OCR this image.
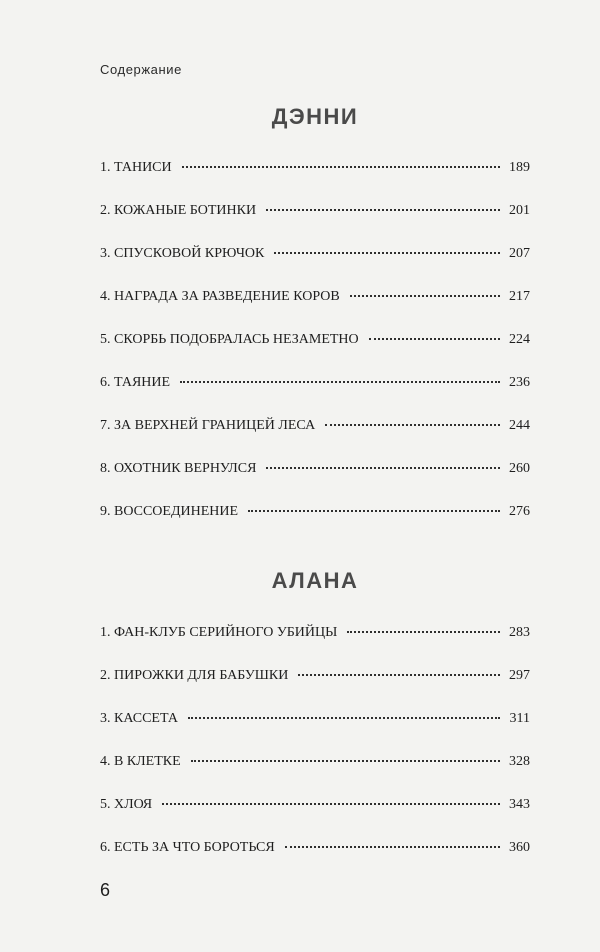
Содержание
ДЭННИ
1. ТАНИСИ	189
2. КОЖАНЫЕ БОТИНКИ	201
3. СПУСКОВОЙ КРЮЧОК	207
4. НАГРАДА ЗА РАЗВЕДЕНИЕ КОРОВ	217
5. СКОРБЬ ПОДОБРАЛАСЬ НЕЗАМЕТНО	224
6. ТАЯНИЕ	236
7. ЗА ВЕРХНЕЙ ГРАНИЦЕЙ ЛЕСА	244
8. ОХОТНИК ВЕРНУЛСЯ	260
9. ВОССОЕДИНЕНИЕ	276
АЛАНА
1. ФАН-КЛУБ СЕРИЙНОГО УБИЙЦЫ	283
2. ПИРОЖКИ ДЛЯ БАБУШКИ	297
3. КАССЕТА	311
4. В КЛЕТКЕ	328
5. ХЛОЯ	343
6. ЕСТЬ ЗА ЧТО БОРОТЬСЯ	360
6
